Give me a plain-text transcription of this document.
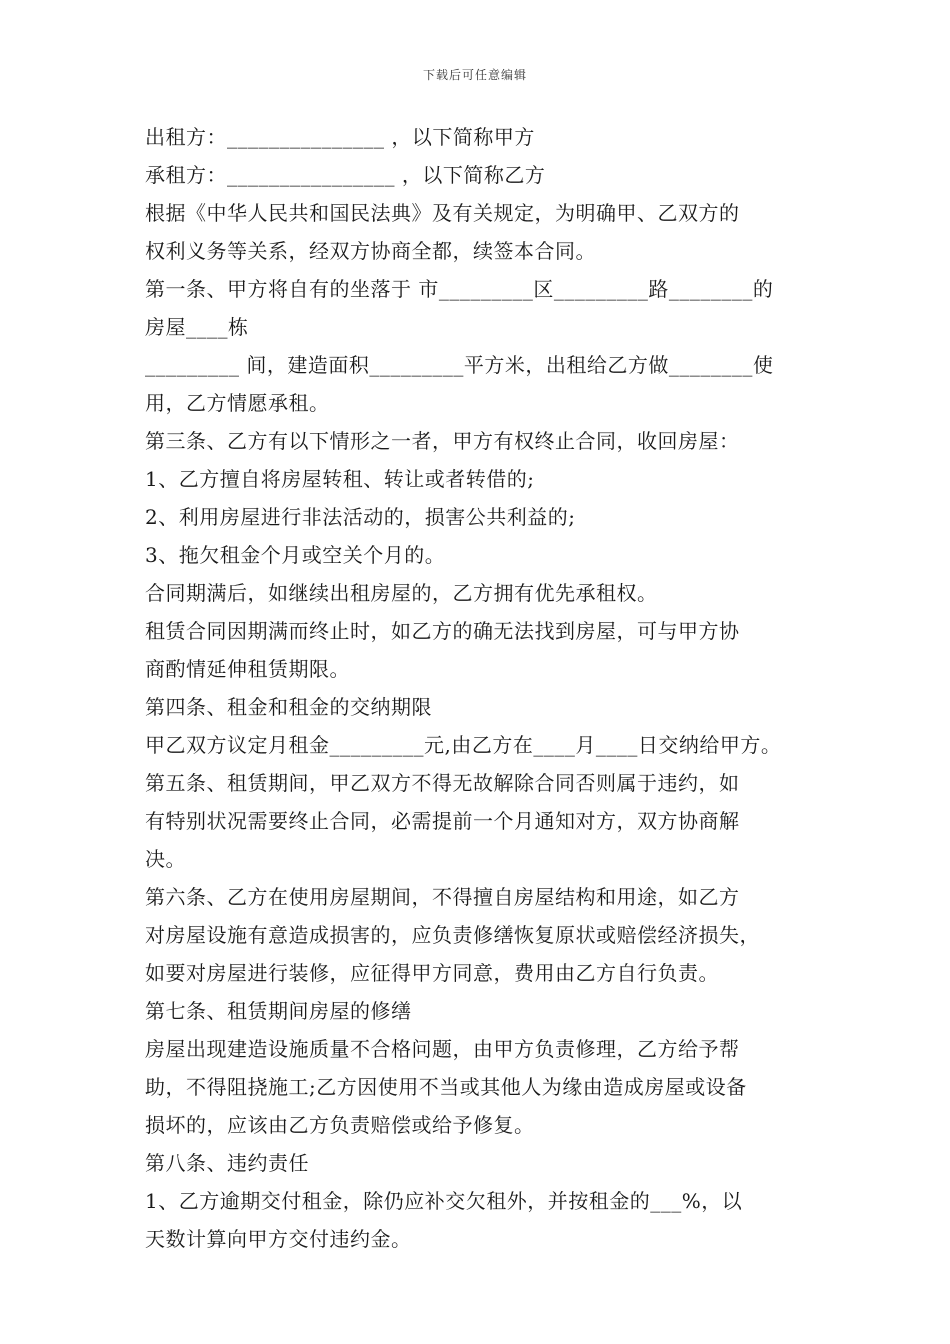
下载后可任意编辑
出租方：_______________ ，以下简称甲方
承租方：________________ ，以下简称乙方
根据《中华人民共和国民法典》及有关规定，为明确甲、乙双方的
权利义务等关系，经双方协商全都，续签本合同。
第一条、甲方将自有的坐落于 市_________区_________路________的
房屋____栋
_________ 间，建造面积_________平方米，出租给乙方做________使
用，乙方情愿承租。
第三条、乙方有以下情形之一者，甲方有权终止合同，收回房屋：
1、乙方擅自将房屋转租、转让或者转借的;
2、利用房屋进行非法活动的，损害公共利益的;
3、拖欠租金个月或空关个月的。
合同期满后，如继续出租房屋的，乙方拥有优先承租权。
租赁合同因期满而终止时，如乙方的确无法找到房屋，可与甲方协
商酌情延伸租赁期限。
第四条、租金和租金的交纳期限
甲乙双方议定月租金_________元,由乙方在____月____日交纳给甲方。
第五条、租赁期间，甲乙双方不得无故解除合同否则属于违约，如
有特别状况需要终止合同，必需提前一个月通知对方，双方协商解
决。
第六条、乙方在使用房屋期间，不得擅自房屋结构和用途，如乙方
对房屋设施有意造成损害的，应负责修缮恢复原状或赔偿经济损失，
如要对房屋进行装修，应征得甲方同意，费用由乙方自行负责。
第七条、租赁期间房屋的修缮
房屋出现建造设施质量不合格问题，由甲方负责修理，乙方给予帮
助，不得阻挠施工;乙方因使用不当或其他人为缘由造成房屋或设备
损坏的，应该由乙方负责赔偿或给予修复。
第八条、违约责任
1、乙方逾期交付租金，除仍应补交欠租外，并按租金的___%，以
天数计算向甲方交付违约金。
